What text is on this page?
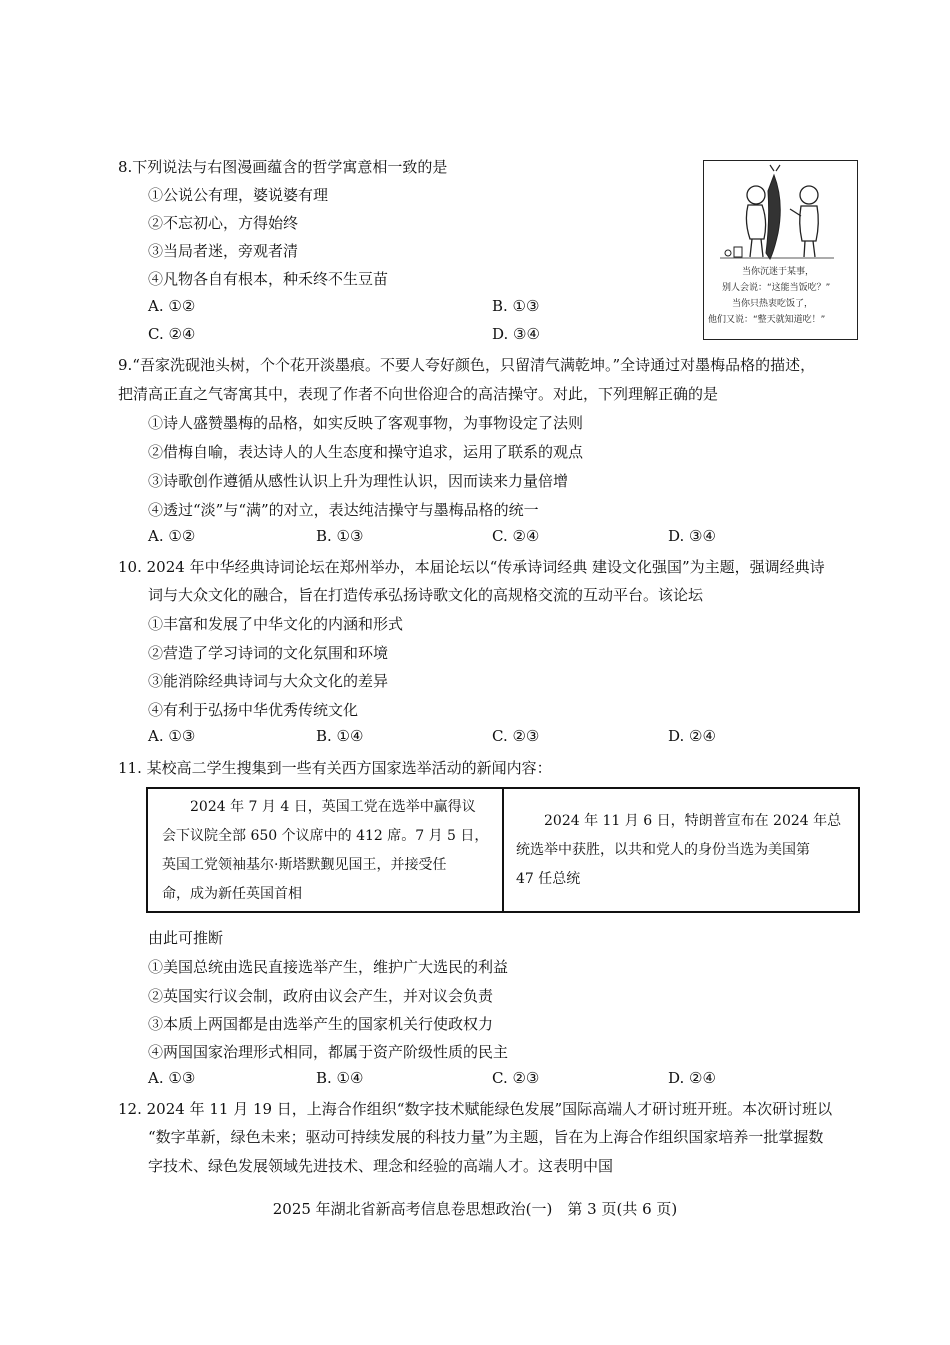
8.下列说法与右图漫画蕴含的哲学寓意相一致的是
①公说公有理，婆说婆有理
②不忘初心，方得始终
③当局者迷，旁观者清
④凡物各自有根本，种禾终不生豆苗
A. ①②	B. ①③
C. ②④	D. ③④
当你沉迷于某事，
别人会说：“这能当饭吃？”
当你只热衷吃饭了，
他们又说：“整天就知道吃！”
9.“吾家洗砚池头树，个个花开淡墨痕。不要人夸好颜色，只留清气满乾坤。”全诗通过对墨梅品格的描述，
把清高正直之气寄寓其中，表现了作者不向世俗迎合的高洁操守。对此，下列理解正确的是
①诗人盛赞墨梅的品格，如实反映了客观事物，为事物设定了法则
②借梅自喻，表达诗人的人生态度和操守追求，运用了联系的观点
③诗歌创作遵循从感性认识上升为理性认识，因而读来力量倍增
④透过“淡”与“满”的对立，表达纯洁操守与墨梅品格的统一
A. ①②	B. ①③	C. ②④	D. ③④
10. 2024 年中华经典诗词论坛在郑州举办，本届论坛以“传承诗词经典 建设文化强国”为主题，强调经典诗
词与大众文化的融合，旨在打造传承弘扬诗歌文化的高规格交流的互动平台。该论坛
①丰富和发展了中华文化的内涵和形式
②营造了学习诗词的文化氛围和环境
③能消除经典诗词与大众文化的差异
④有利于弘扬中华优秀传统文化
A. ①③	B. ①④	C. ②③	D. ②④
11. 某校高二学生搜集到一些有关西方国家选举活动的新闻内容：
　　2024 年 7 月 4 日，英国工党在选举中赢得议
会下议院全部 650 个议席中的 412 席。7 月 5 日，
英国工党领袖基尔·斯塔默觐见国王，并接受任
命，成为新任英国首相
　　2024 年 11 月 6 日，特朗普宣布在 2024 年总
统选举中获胜，以共和党人的身份当选为美国第
47 任总统
由此可推断
①美国总统由选民直接选举产生，维护广大选民的利益
②英国实行议会制，政府由议会产生，并对议会负责
③本质上两国都是由选举产生的国家机关行使政权力
④两国国家治理形式相同，都属于资产阶级性质的民主
A. ①③	B. ①④	C. ②③	D. ②④
12. 2024 年 11 月 19 日，上海合作组织“数字技术赋能绿色发展”国际高端人才研讨班开班。本次研讨班以
“数字革新，绿色未来；驱动可持续发展的科技力量”为主题，旨在为上海合作组织国家培养一批掌握数
字技术、绿色发展领域先进技术、理念和经验的高端人才。这表明中国
2025 年湖北省新高考信息卷思想政治(一)　第 3 页(共 6 页)
